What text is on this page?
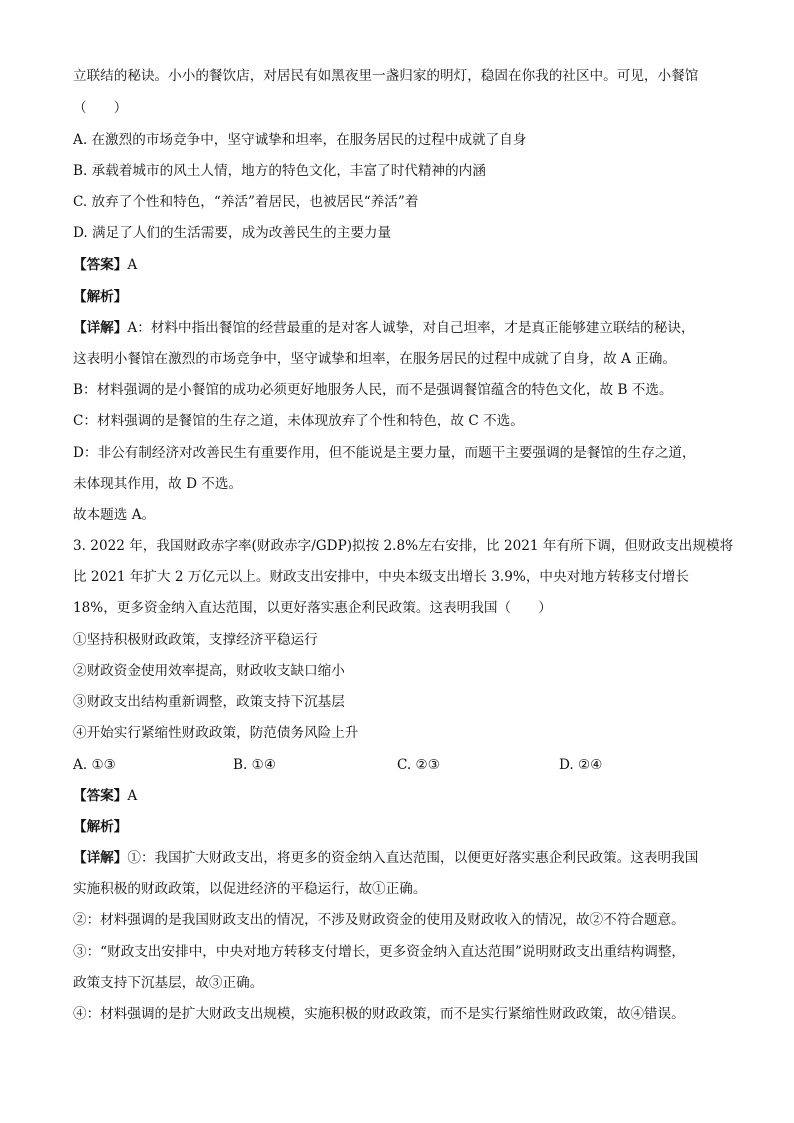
立联结的秘诀。小小的餐饮店，对居民有如黑夜里一盏归家的明灯，稳固在你我的社区中。可见，小餐馆
（　　）
A. 在激烈的市场竞争中，坚守诚挚和坦率，在服务居民的过程中成就了自身
B. 承载着城市的风土人情，地方的特色文化，丰富了时代精神的内涵
C. 放弃了个性和特色，“养活”着居民，也被居民“养活”着
D. 满足了人们的生活需要，成为改善民生的主要力量
【答案】A
【解析】
【详解】A：材料中指出餐馆的经营最重的是对客人诚挚，对自己坦率，才是真正能够建立联结的秘诀，
这表明小餐馆在激烈的市场竞争中，坚守诚挚和坦率，在服务居民的过程中成就了自身，故 A 正确。
B：材料强调的是小餐馆的成功必须更好地服务人民，而不是强调餐馆蕴含的特色文化，故 B 不选。
C：材料强调的是餐馆的生存之道，未体现放弃了个性和特色，故 C 不选。
D：非公有制经济对改善民生有重要作用，但不能说是主要力量，而题干主要强调的是餐馆的生存之道，
未体现其作用，故 D 不选。
故本题选 A。
3. 2022 年，我国财政赤字率(财政赤字/GDP)拟按 2.8%左右安排，比 2021 年有所下调，但财政支出规模将
比 2021 年扩大 2 万亿元以上。财政支出安排中，中央本级支出增长 3.9%，中央对地方转移支付增长
18%，更多资金纳入直达范围，以更好落实惠企利民政策。这表明我国（　　）
①坚持积极财政政策，支撑经济平稳运行
②财政资金使用效率提高，财政收支缺口缩小
③财政支出结构重新调整，政策支持下沉基层
④开始实行紧缩性财政政策，防范债务风险上升
A. ①③	B. ①④	C. ②③	D. ②④
【答案】A
【解析】
【详解】①：我国扩大财政支出，将更多的资金纳入直达范围，以便更好落实惠企利民政策。这表明我国
实施积极的财政政策，以促进经济的平稳运行，故①正确。
②：材料强调的是我国财政支出的情况，不涉及财政资金的使用及财政收入的情况，故②不符合题意。
③：“财政支出安排中，中央对地方转移支付增长，更多资金纳入直达范围”说明财政支出重结构调整，
政策支持下沉基层，故③正确。
④：材料强调的是扩大财政支出规模，实施积极的财政政策，而不是实行紧缩性财政政策，故④错误。
